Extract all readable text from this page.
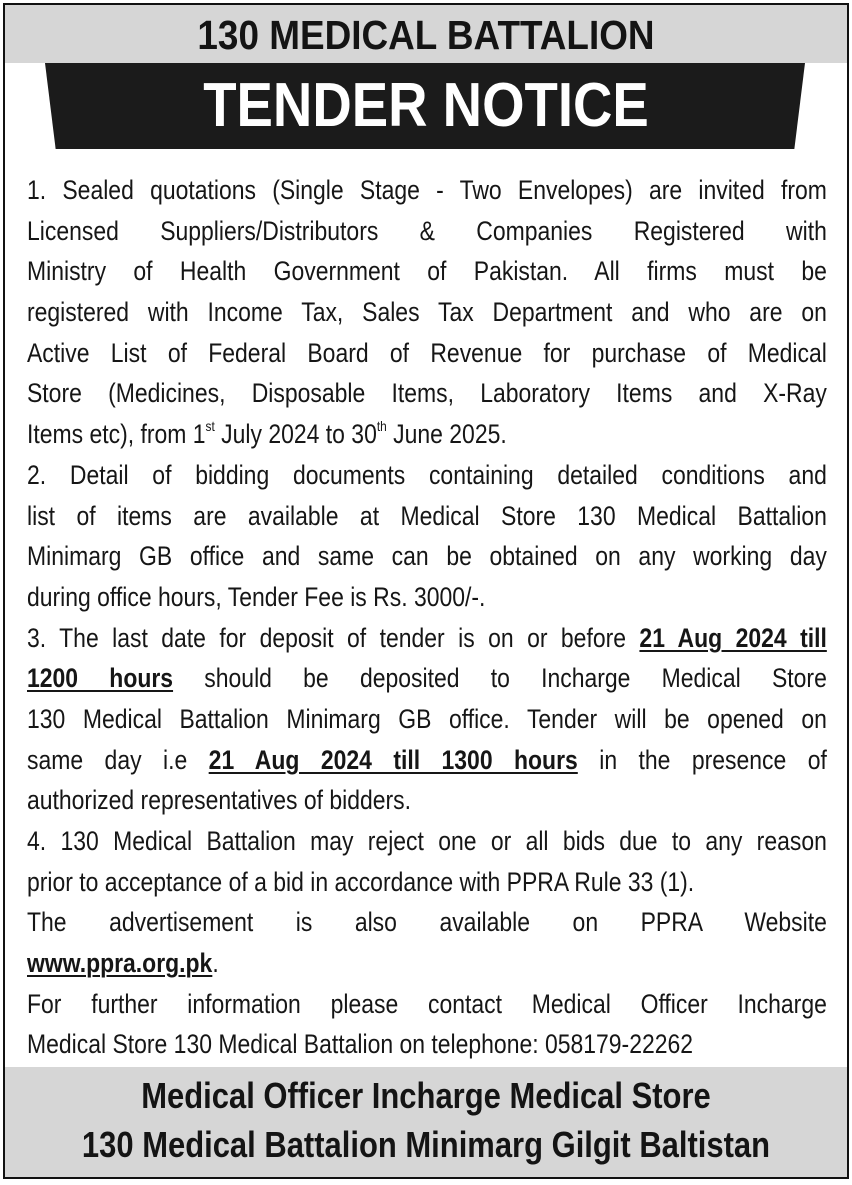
130 MEDICAL BATTALION
TENDER NOTICE
1. Sealed quotations (Single Stage - Two Envelopes) are invited from
Licensed Suppliers/Distributors & Companies Registered with
Ministry of Health Government of Pakistan. All firms must be
registered with Income Tax, Sales Tax Department and who are on
Active List of Federal Board of Revenue for purchase of Medical
Store (Medicines, Disposable Items, Laboratory Items and X-Ray
Items etc), from 1st July 2024 to 30th June 2025.
2. Detail of bidding documents containing detailed conditions and
list of items are available at Medical Store 130 Medical Battalion
Minimarg GB office and same can be obtained on any working day
during office hours, Tender Fee is Rs. 3000/-.
3. The last date for deposit of tender is on or before 21 Aug 2024 till
1200 hours should be deposited to Incharge Medical Store
130 Medical Battalion Minimarg GB office. Tender will be opened on
same day i.e 21 Aug 2024 till 1300 hours in the presence of
authorized representatives of bidders.
4. 130 Medical Battalion may reject one or all bids due to any reason
prior to acceptance of a bid in accordance with PPRA Rule 33 (1).
The advertisement is also available on PPRA Website
www.ppra.org.pk.
For further information please contact Medical Officer Incharge
Medical Store 130 Medical Battalion on telephone: 058179-22262
Medical Officer Incharge Medical Store
130 Medical Battalion Minimarg Gilgit Baltistan
